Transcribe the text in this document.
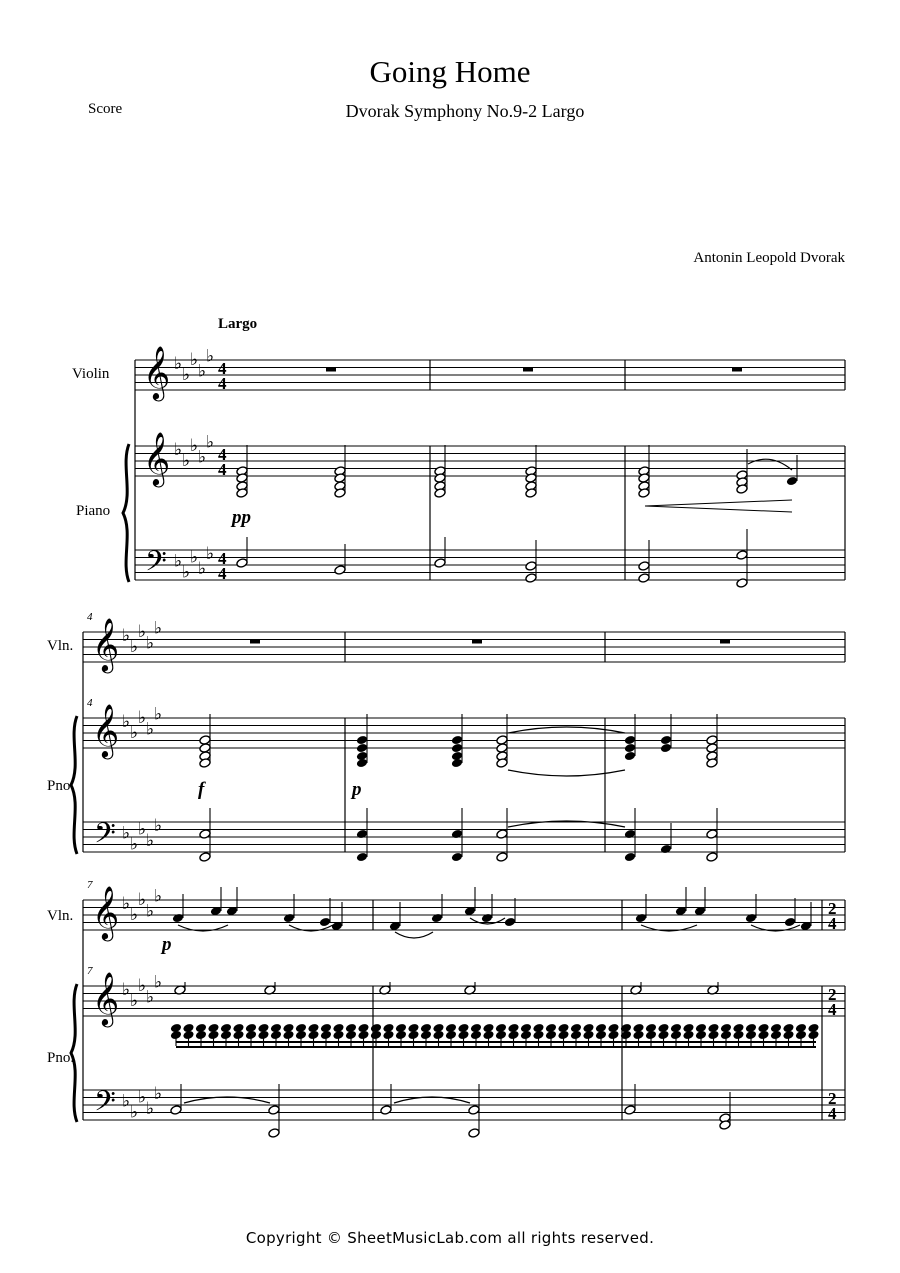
Going Home
Dvorak Symphony No.9-2 Largo
Score
Antonin Leopold Dvorak
Largo
𝄞
𝄞
𝄢
♭
♭
♭
♭
♭
♭
♭
♭
♭
♭
♭
♭
♭
♭
♭
4
4
4
4
4
4
Violin
Piano
𝄞
𝄞
𝄢
♭
♭
♭
♭
♭
♭
♭
♭
♭
♭
♭
♭
♭
♭
♭
Vln.
Pno.
4
4
𝄞
𝄞
𝄢
♭
♭
♭
♭
♭
♭
♭
♭
♭
♭
♭
♭
♭
♭
♭
Vln.
Pno.
7
7
2
4
2
4
2
4
pp
f	p
p
Copyright © SheetMusicLab.com all rights reserved.
